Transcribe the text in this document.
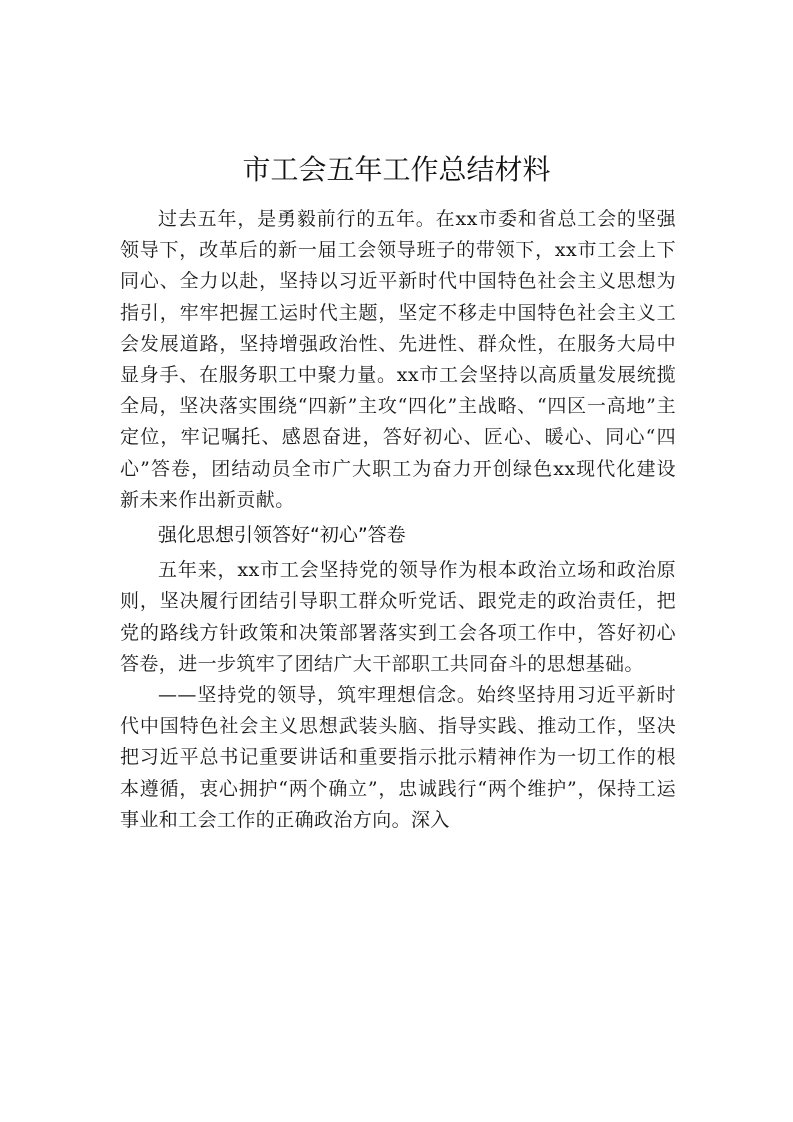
市工会五年工作总结材料

过去五年，是勇毅前行的五年。在xx市委和省总工会的坚强领导下，改革后的新一届工会领导班子的带领下，xx市工会上下同心、全力以赴，坚持以习近平新时代中国特色社会主义思想为指引，牢牢把握工运时代主题，坚定不移走中国特色社会主义工会发展道路，坚持增强政治性、先进性、群众性，在服务大局中显身手、在服务职工中聚力量。xx市工会坚持以高质量发展统揽全局，坚决落实围绕“四新”主攻“四化”主战略、“四区一高地”主定位，牢记嘱托、感恩奋进，答好初心、匠心、暖心、同心“四心”答卷，团结动员全市广大职工为奋力开创绿色xx现代化建设新未来作出新贡献。

强化思想引领答好“初心”答卷

五年来，xx市工会坚持党的领导作为根本政治立场和政治原则，坚决履行团结引导职工群众听党话、跟党走的政治责任，把党的路线方针政策和决策部署落实到工会各项工作中，答好初心答卷，进一步筑牢了团结广大干部职工共同奋斗的思想基础。

——坚持党的领导，筑牢理想信念。始终坚持用习近平新时代中国特色社会主义思想武装头脑、指导实践、推动工作，坚决把习近平总书记重要讲话和重要指示批示精神作为一切工作的根本遵循，衷心拥护“两个确立”，忠诚践行“两个维护”，保持工运事业和工会工作的正确政治方向。深入
